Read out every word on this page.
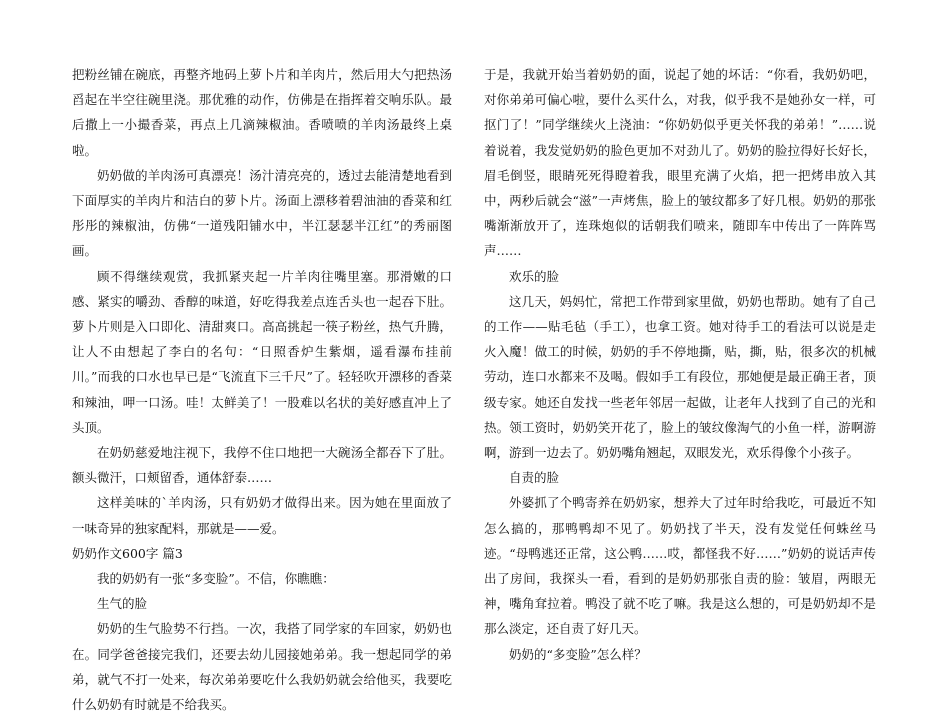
把粉丝铺在碗底，再整齐地码上萝卜片和羊肉片，然后用大勺把热汤舀起在半空往碗里浇。那优雅的动作，仿佛是在指挥着交响乐队。最后撒上一小撮香菜，再点上几滴辣椒油。香喷喷的羊肉汤最终上桌啦。

奶奶做的羊肉汤可真漂亮！汤汁清亮亮的，透过去能清楚地看到下面厚实的羊肉片和洁白的萝卜片。汤面上漂移着碧油油的香菜和红彤彤的辣椒油，仿佛“一道残阳铺水中，半江瑟瑟半江红”的秀丽图画。

顾不得继续观赏，我抓紧夹起一片羊肉往嘴里塞。那滑嫩的口感、紧实的嚼劲、香醇的味道，好吃得我差点连舌头也一起吞下肚。萝卜片则是入口即化、清甜爽口。高高挑起一筷子粉丝，热气升腾，让人不由想起了李白的名句：“日照香炉生紫烟，遥看瀑布挂前川。”而我的口水也早已是“飞流直下三千尺”了。轻轻吹开漂移的香菜和辣油，呷一口汤。哇！太鲜美了！一股难以名状的美好感直冲上了头顶。

在奶奶慈爱地注视下，我停不住口地把一大碗汤全都吞下了肚。额头微汗，口颊留香，通体舒泰……

这样美味的`羊肉汤，只有奶奶才做得出来。因为她在里面放了一味奇异的独家配料，那就是——爱。

奶奶作文600字 篇3

我的奶奶有一张“多变脸”。不信，你瞧瞧：

生气的脸

奶奶的生气脸势不行挡。一次，我搭了同学家的车回家，奶奶也在。同学爸爸接完我们，还要去幼儿园接她弟弟。我一想起同学的弟弟，就气不打一处来，每次弟弟要吃什么我奶奶就会给他买，我要吃什么奶奶有时就是不给我买。

于是，我就开始当着奶奶的面，说起了她的坏话：“你看，我奶奶吧，对你弟弟可偏心啦，要什么买什么，对我，似乎我不是她孙女一样，可抠门了！”同学继续火上浇油：“你奶奶似乎更关怀我的弟弟！”……说着说着，我发觉奶奶的脸色更加不对劲儿了。奶奶的脸拉得好长好长，眉毛倒竖，眼睛死死得瞪着我，眼里充满了火焰，把一把烤串放入其中，两秒后就会“滋”一声烤焦，脸上的皱纹都多了好几根。奶奶的那张嘴渐渐放开了，连珠炮似的话朝我们喷来，随即车中传出了一阵阵骂声……

欢乐的脸

这几天，妈妈忙，常把工作带到家里做，奶奶也帮助。她有了自己的工作——贴毛毡（手工），也拿工资。她对待手工的看法可以说是走火入魔！做工的时候，奶奶的手不停地撕，贴，撕，贴，很多次的机械劳动，连口水都来不及喝。假如手工有段位，那她便是最正确王者，顶级专家。她还自发找一些老年邻居一起做，让老年人找到了自己的光和热。领工资时，奶奶笑开花了，脸上的皱纹像淘气的小鱼一样，游啊游啊，游到一边去了。奶奶嘴角翘起，双眼发光，欢乐得像个小孩子。

自责的脸

外婆抓了个鸭寄养在奶奶家，想养大了过年时给我吃，可最近不知怎么搞的，那鸭鸭却不见了。奶奶找了半天，没有发觉任何蛛丝马迹。“母鸭逃还正常，这公鸭……哎，都怪我不好……”奶奶的说话声传出了房间，我探头一看，看到的是奶奶那张自责的脸：皱眉，两眼无神，嘴角耷拉着。鸭没了就不吃了嘛。我是这么想的，可是奶奶却不是那么淡定，还自责了好几天。

奶奶的“多变脸”怎么样？
